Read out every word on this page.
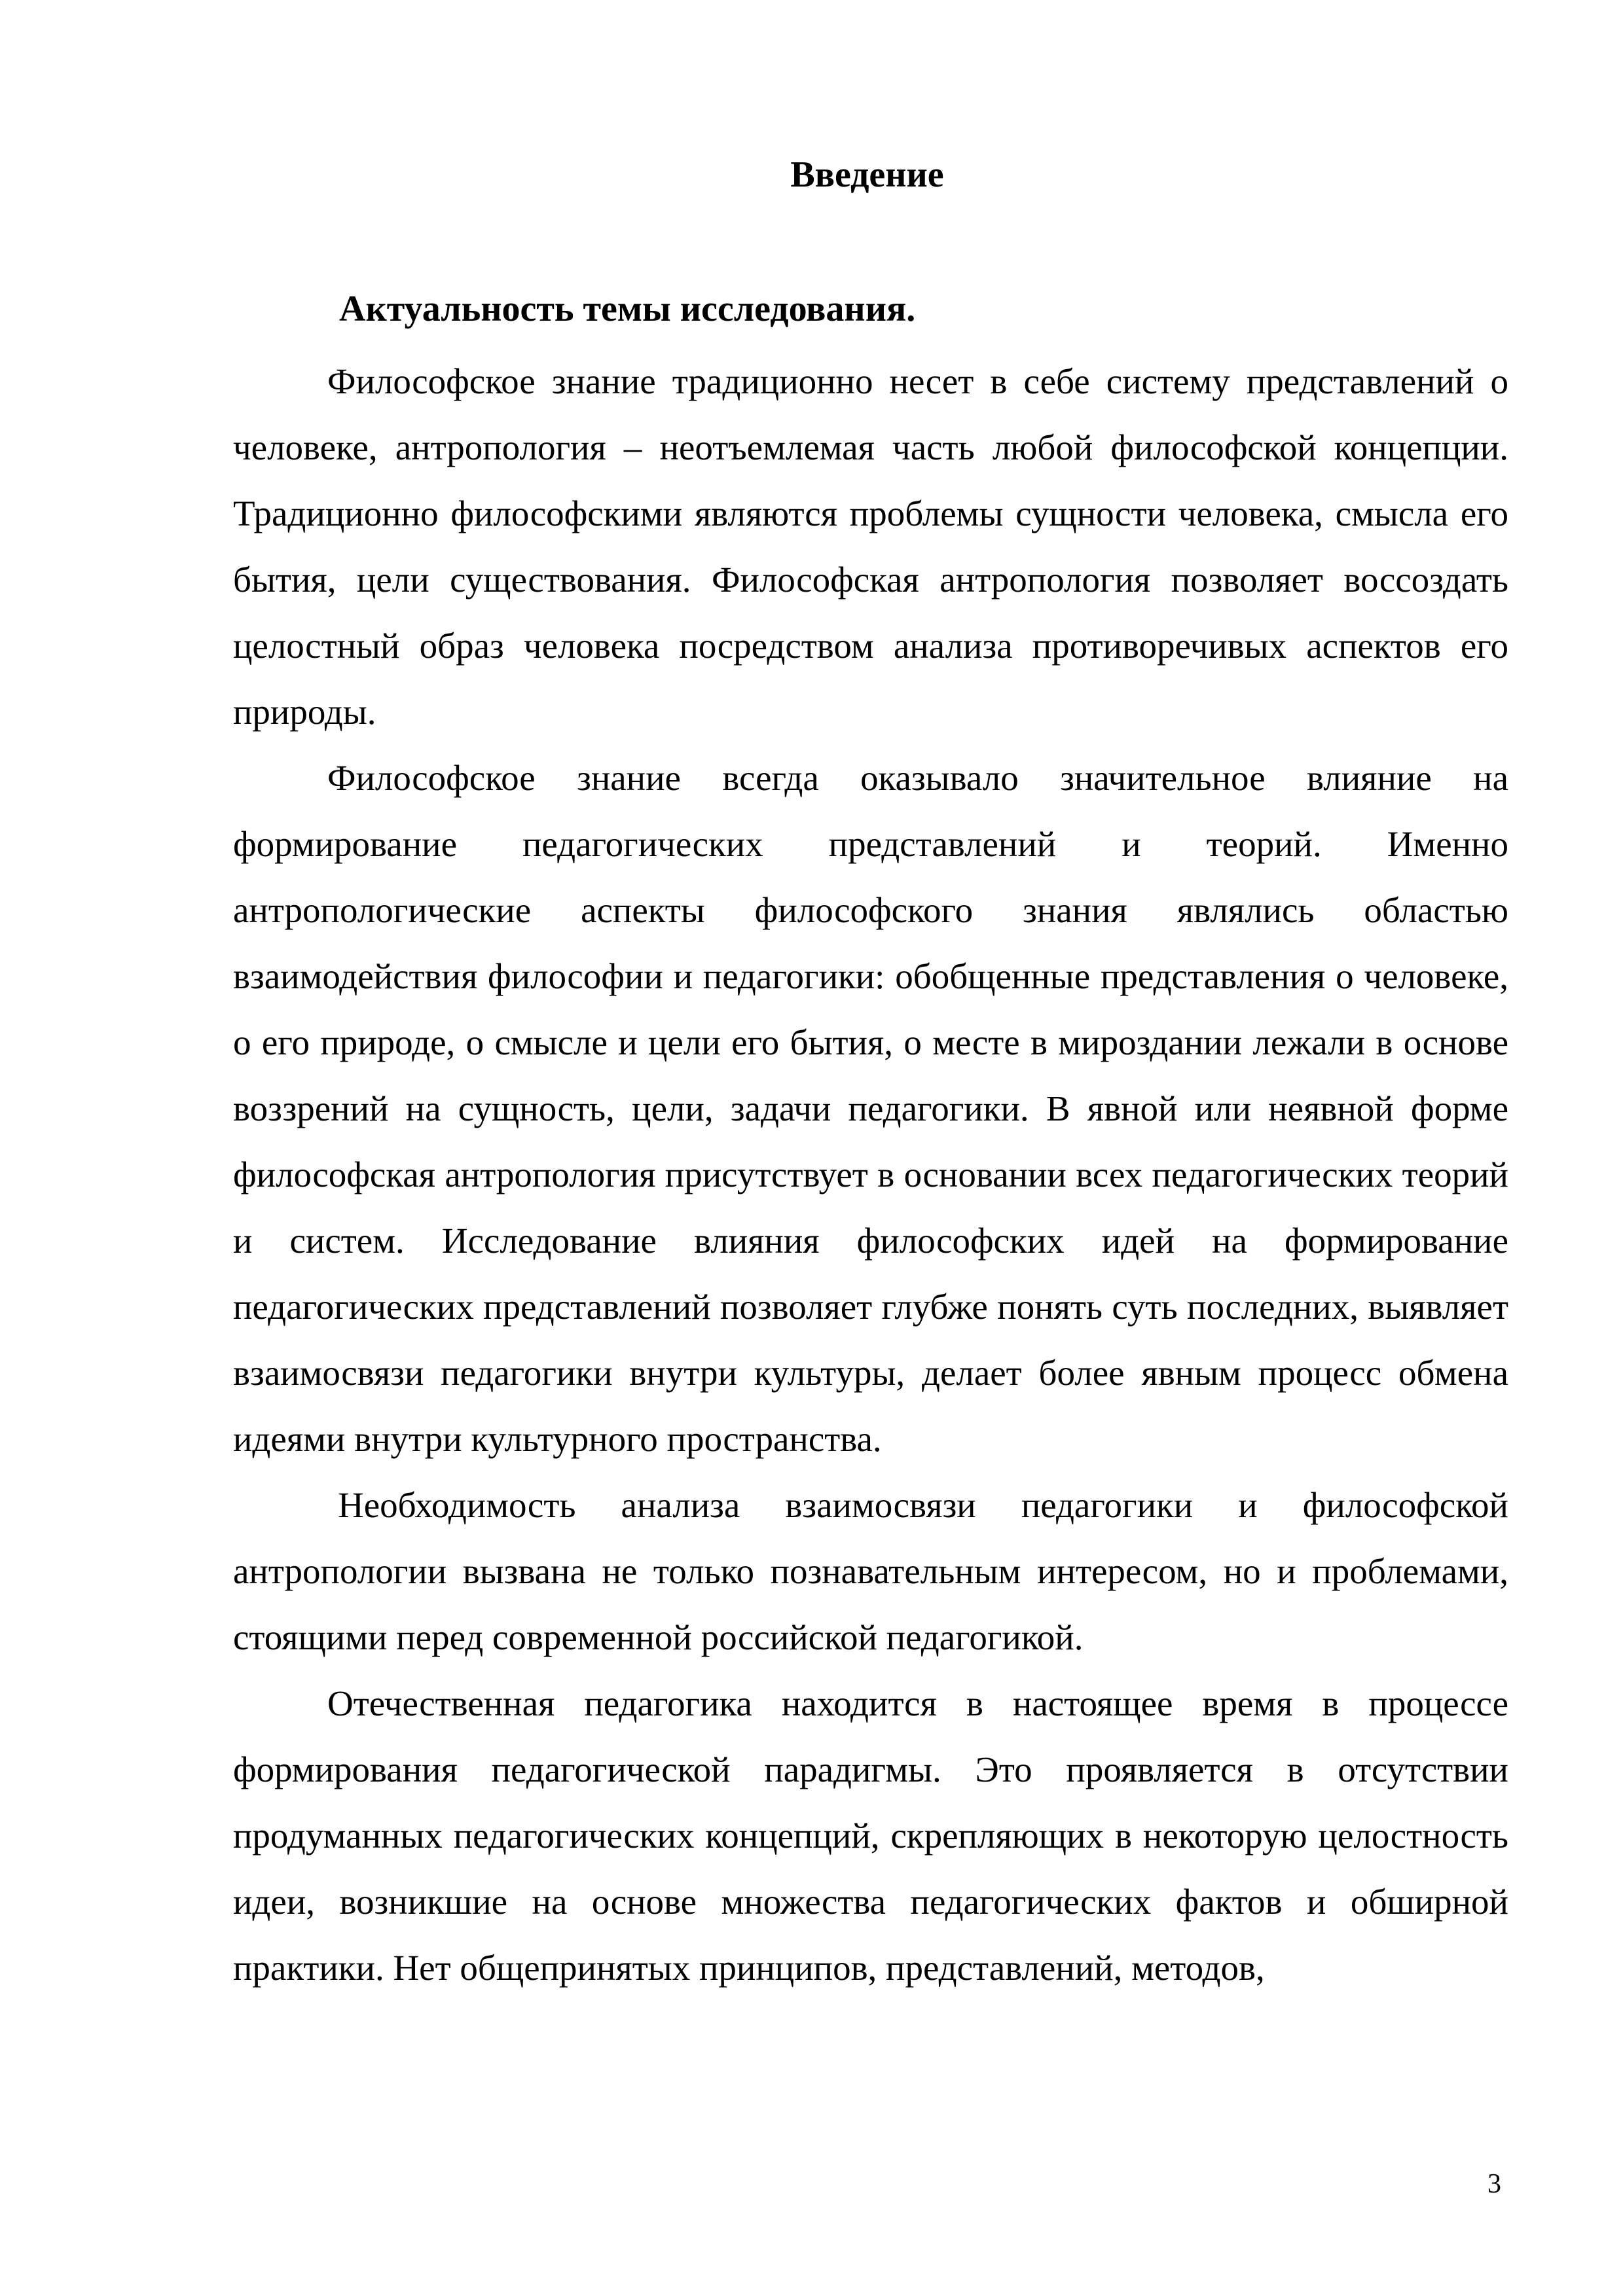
Введение
Актуальность темы исследования.

Философское знание традиционно несет в себе систему представлений о человеке, антропология – неотъемлемая часть любой философской концепции. Традиционно философскими являются проблемы сущности человека, смысла его бытия, цели существования. Философская антропология позволяет воссоздать целостный образ человека посредством анализа противоречивых аспектов его природы.

Философское знание всегда оказывало значительное влияние на формирование педагогических представлений и теорий. Именно антропологические аспекты философского знания являлись областью взаимодействия философии и педагогики: обобщенные представления о человеке, о его природе, о смысле и цели его бытия, о месте в мироздании лежали в основе воззрений на сущность, цели, задачи педагогики. В явной или неявной форме философская антропология присутствует в основании всех педагогических теорий и систем. Исследование влияния философских идей на формирование педагогических представлений позволяет глубже понять суть последних, выявляет взаимосвязи педагогики внутри культуры, делает более явным процесс обмена идеями внутри культурного пространства.

Необходимость анализа взаимосвязи педагогики и философской антропологии вызвана не только познавательным интересом, но и проблемами, стоящими перед современной российской педагогикой.

Отечественная педагогика находится в настоящее время в процессе формирования педагогической парадигмы. Это проявляется в отсутствии продуманных педагогических концепций, скрепляющих в некоторую целостность идеи, возникшие на основе множества педагогических фактов и обширной практики. Нет общепринятых принципов, представлений, методов,

3
